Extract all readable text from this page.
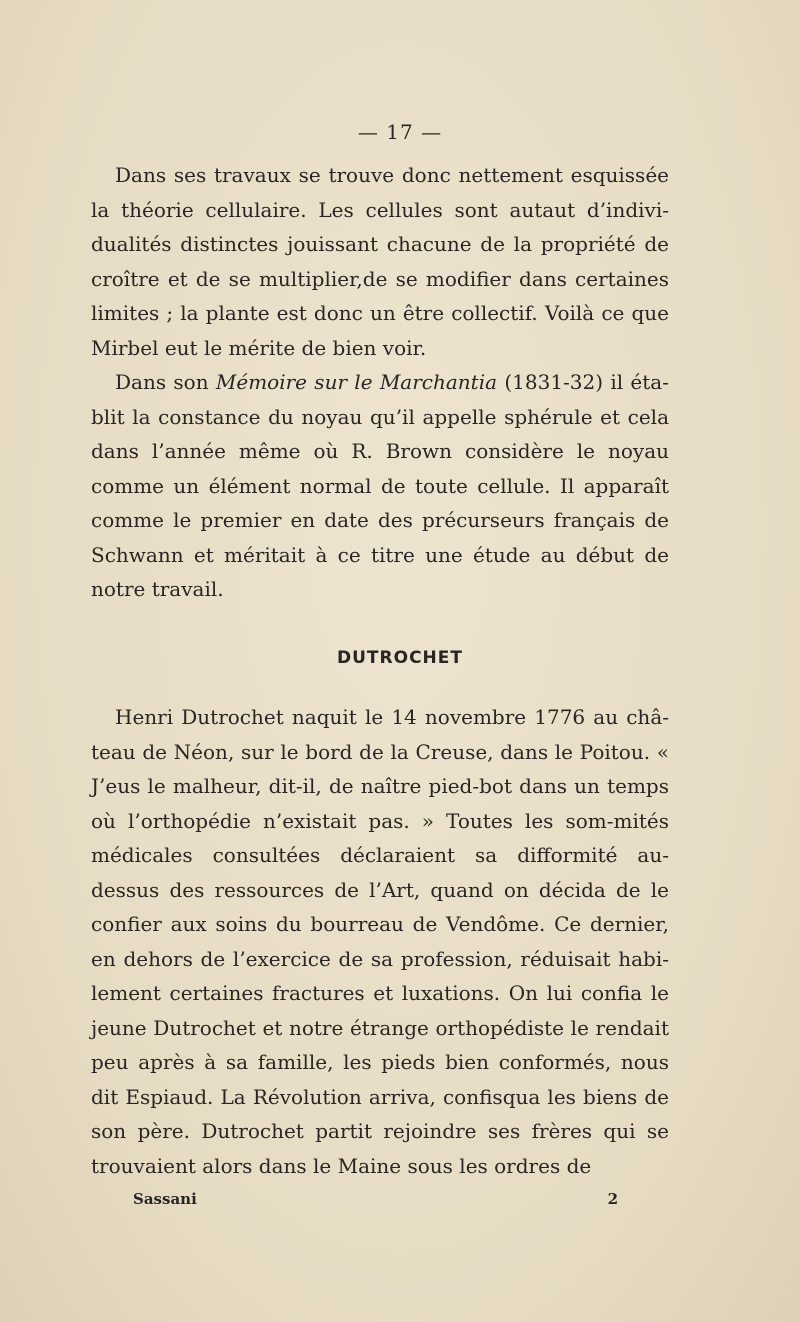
— 17 —

Dans ses travaux se trouve donc nettement esquissée la théorie cellulaire. Les cellules sont autaut d’indivi-dualités distinctes jouissant chacune de la propriété de croître et de se multiplier,de se modifier dans certaines limites ; la plante est donc un être collectif. Voilà ce que Mirbel eut le mérite de bien voir.

Dans son Mémoire sur le Marchantia (1831-32) il éta-blit la constance du noyau qu’il appelle sphérule et cela dans l’année même où R. Brown considère le noyau comme un élément normal de toute cellule. Il apparaît comme le premier en date des précurseurs français de Schwann et méritait à ce titre une étude au début de notre travail.

DUTROCHET

Henri Dutrochet naquit le 14 novembre 1776 au châ-teau de Néon, sur le bord de la Creuse, dans le Poitou. « J’eus le malheur, dit-il, de naître pied-bot dans un temps où l’orthopédie n’existait pas. » Toutes les som-mités médicales consultées déclaraient sa difformité au-dessus des ressources de l’Art, quand on décida de le confier aux soins du bourreau de Vendôme. Ce dernier, en dehors de l’exercice de sa profession, réduisait habi-lement certaines fractures et luxations. On lui confia le jeune Dutrochet et notre étrange orthopédiste le rendait peu après à sa famille, les pieds bien conformés, nous dit Espiaud. La Révolution arriva, confisqua les biens de son père. Dutrochet partit rejoindre ses frères qui se trouvaient alors dans le Maine sous les ordres de

Sassani	2
